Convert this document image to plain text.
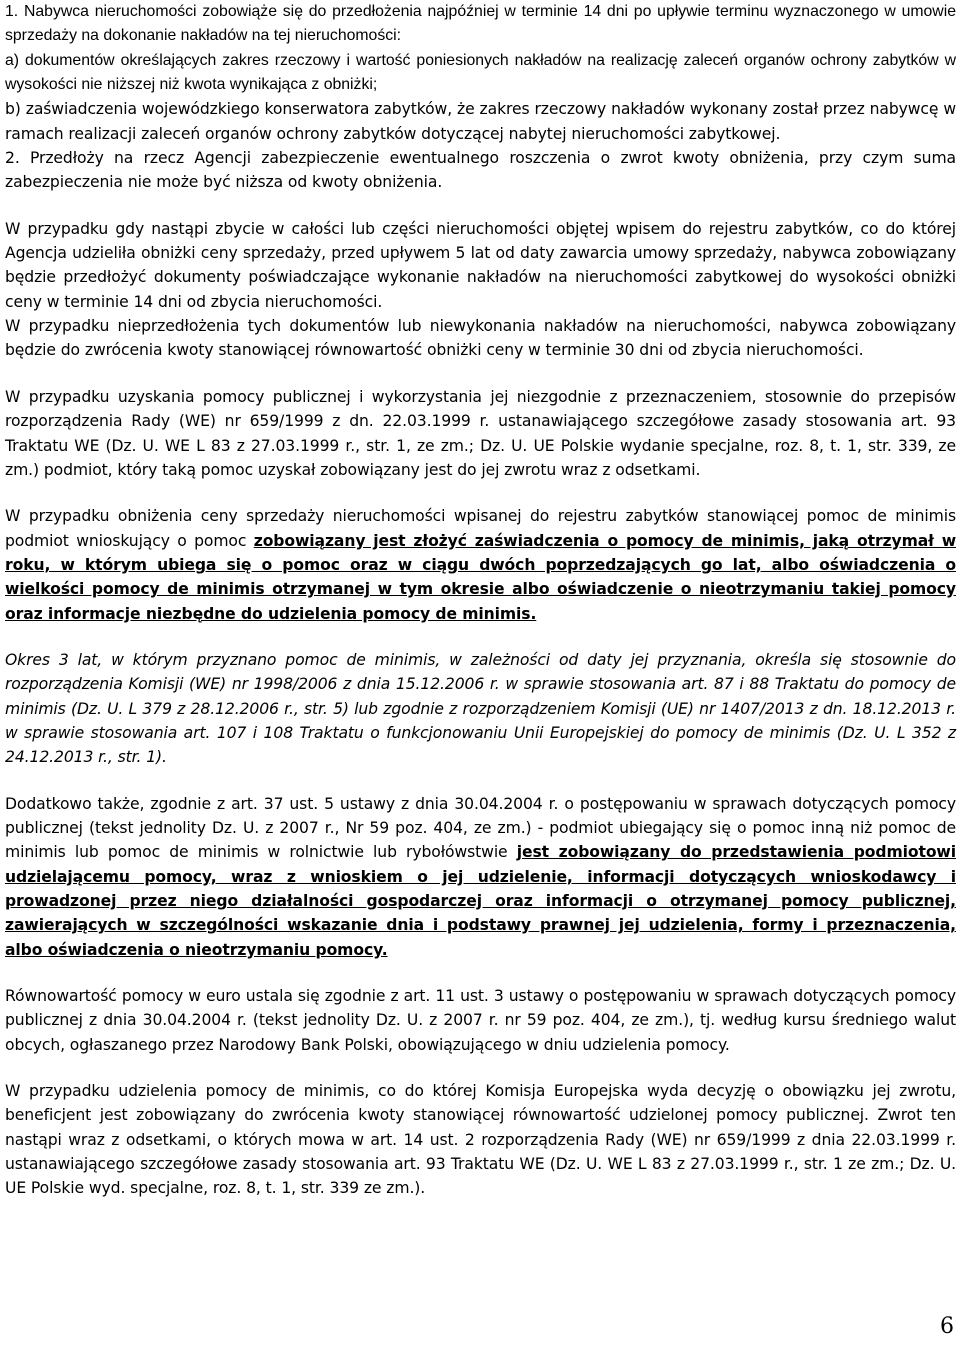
1. Nabywca nieruchomości zobowiąże się do przedłożenia najpóźniej w terminie 14 dni po upływie terminu wyznaczonego w umowie sprzedaży na dokonanie nakładów na tej nieruchomości:

a) dokumentów określających zakres rzeczowy i wartość poniesionych nakładów na realizację zaleceń organów ochrony zabytków w wysokości nie niższej niż kwota wynikająca z obniżki;

b) zaświadczenia wojewódzkiego konserwatora zabytków, że zakres rzeczowy nakładów wykonany został przez nabywcę w ramach realizacji zaleceń organów ochrony zabytków dotyczącej nabytej nieruchomości zabytkowej.

2. Przedłoży na rzecz Agencji zabezpieczenie ewentualnego roszczenia o zwrot kwoty obniżenia, przy czym suma zabezpieczenia nie może być niższa od kwoty obniżenia.

W przypadku gdy nastąpi zbycie w całości lub części nieruchomości objętej wpisem do rejestru zabytków, co do której Agencja udzieliła obniżki ceny sprzedaży, przed upływem 5 lat od daty zawarcia umowy sprzedaży, nabywca zobowiązany będzie przedłożyć dokumenty poświadczające wykonanie nakładów na nieruchomości zabytkowej do wysokości obniżki ceny w terminie 14 dni od zbycia nieruchomości.

W przypadku nieprzedłożenia tych dokumentów lub niewykonania nakładów na nieruchomości, nabywca zobowiązany będzie do zwrócenia kwoty stanowiącej równowartość obniżki ceny w terminie 30 dni od zbycia nieruchomości.

W przypadku uzyskania pomocy publicznej i wykorzystania jej niezgodnie z przeznaczeniem, stosownie do przepisów rozporządzenia Rady (WE) nr 659/1999 z dn. 22.03.1999 r. ustanawiającego szczegółowe zasady stosowania art. 93 Traktatu WE (Dz. U. WE L 83 z 27.03.1999 r., str. 1, ze zm.; Dz. U. UE Polskie wydanie specjalne, roz. 8, t. 1, str. 339, ze zm.) podmiot, który taką pomoc uzyskał zobowiązany jest do jej zwrotu wraz z odsetkami.

W przypadku obniżenia ceny sprzedaży nieruchomości wpisanej do rejestru zabytków stanowiącej pomoc de minimis podmiot wnioskujący o pomoc zobowiązany jest złożyć zaświadczenia o pomocy de minimis, jaką otrzymał w roku, w którym ubiega się o pomoc oraz w ciągu dwóch poprzedzających go lat, albo oświadczenia o wielkości pomocy de minimis otrzymanej w tym okresie albo oświadczenie o nieotrzymaniu takiej pomocy oraz informacje niezbędne do udzielenia pomocy de minimis.

Okres 3 lat, w którym przyznano pomoc de minimis, w zależności od daty jej przyznania, określa się stosownie do rozporządzenia Komisji (WE) nr 1998/2006 z dnia 15.12.2006 r. w sprawie stosowania art. 87 i 88 Traktatu do pomocy de minimis (Dz. U. L 379 z 28.12.2006 r., str. 5) lub zgodnie z rozporządzeniem Komisji (UE) nr 1407/2013 z dn. 18.12.2013 r. w sprawie stosowania art. 107 i 108 Traktatu o funkcjonowaniu Unii Europejskiej do pomocy de minimis (Dz. U. L 352 z 24.12.2013 r., str. 1).

Dodatkowo także, zgodnie z art. 37 ust. 5 ustawy z dnia 30.04.2004 r. o postępowaniu w sprawach dotyczących pomocy publicznej (tekst jednolity Dz. U. z 2007 r., Nr 59 poz. 404, ze zm.) - podmiot ubiegający się o pomoc inną niż pomoc de minimis lub pomoc de minimis w rolnictwie lub rybołówstwie jest zobowiązany do przedstawienia podmiotowi udzielającemu pomocy, wraz z wnioskiem o jej udzielenie, informacji dotyczących wnioskodawcy i prowadzonej przez niego działalności gospodarczej oraz informacji o otrzymanej pomocy publicznej, zawierających w szczególności wskazanie dnia i podstawy prawnej jej udzielenia, formy i przeznaczenia, albo oświadczenia o nieotrzymaniu pomocy.

Równowartość pomocy w euro ustala się zgodnie z art. 11 ust. 3 ustawy o postępowaniu w sprawach dotyczących pomocy publicznej z dnia 30.04.2004 r. (tekst jednolity Dz. U. z 2007 r. nr 59 poz. 404, ze zm.), tj. według kursu średniego walut obcych, ogłaszanego przez Narodowy Bank Polski, obowiązującego w dniu udzielenia pomocy.

W przypadku udzielenia pomocy de minimis, co do której Komisja Europejska wyda decyzję o obowiązku jej zwrotu, beneficjent jest zobowiązany do zwrócenia kwoty stanowiącej równowartość udzielonej pomocy publicznej. Zwrot ten nastąpi wraz z odsetkami, o których mowa w art. 14 ust. 2 rozporządzenia Rady (WE) nr 659/1999 z dnia 22.03.1999 r. ustanawiającego szczegółowe zasady stosowania art. 93 Traktatu WE (Dz. U. WE L 83 z 27.03.1999 r., str. 1 ze zm.; Dz. U. UE Polskie wyd. specjalne, roz. 8, t. 1, str. 339 ze zm.).

6
